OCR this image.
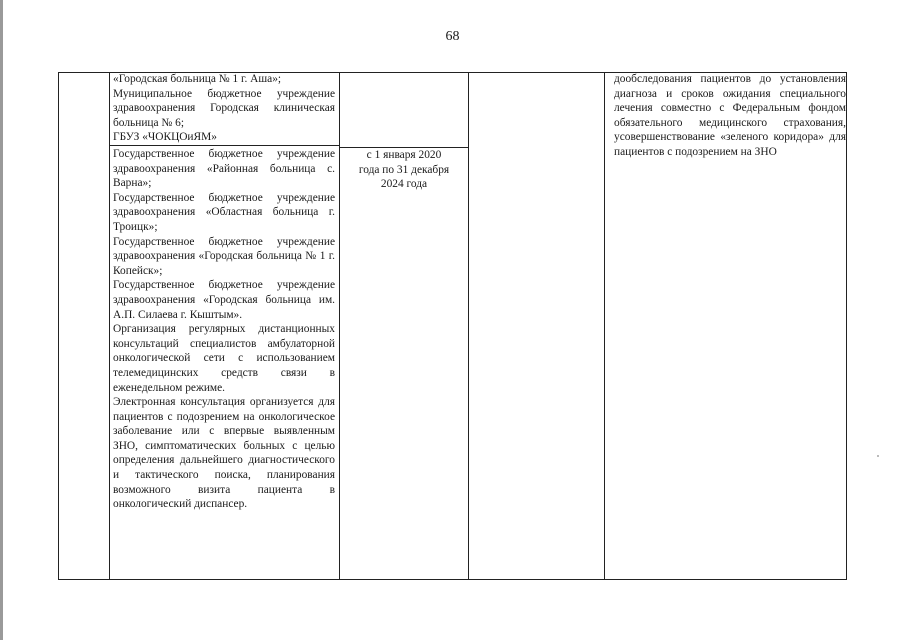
68
«Городская больница № 1 г. Аша»;
Муниципальное бюджетное учреждение здравоохранения Городская клиническая больница № 6;
ГБУЗ «ЧОКЦОиЯМ»
Государственное бюджетное учреждение здравоохранения «Районная больница с. Варна»;
Государственное бюджетное учреждение здравоохранения «Областная больница г. Троицк»;
Государственное бюджетное учреждение здравоохранения «Городская больница № 1 г. Копейск»;
Государственное бюджетное учреждение здравоохранения «Городская больница им. А.П. Силаева г. Кыштым».
Организация регулярных дистанционных консультаций специалистов амбулаторной онкологической сети с использованием телемедицинских средств связи в еженедельном режиме.
Электронная консультация организуется для пациентов с подозрением на онкологическое заболевание или с впервые выявленным ЗНО, симптоматических больных с целью определения дальнейшего диагностического и тактического поиска, планирования возможного визита пациента в онкологический диспансер.
с 1 января 2020 года по 31 декабря 2024 года
дообследования пациентов до установления диагноза и сроков ожидания специального лечения совместно с Федеральным фондом обязательного медицинского страхования, усовершенствование «зеленого коридора» для пациентов с подозрением на ЗНО
